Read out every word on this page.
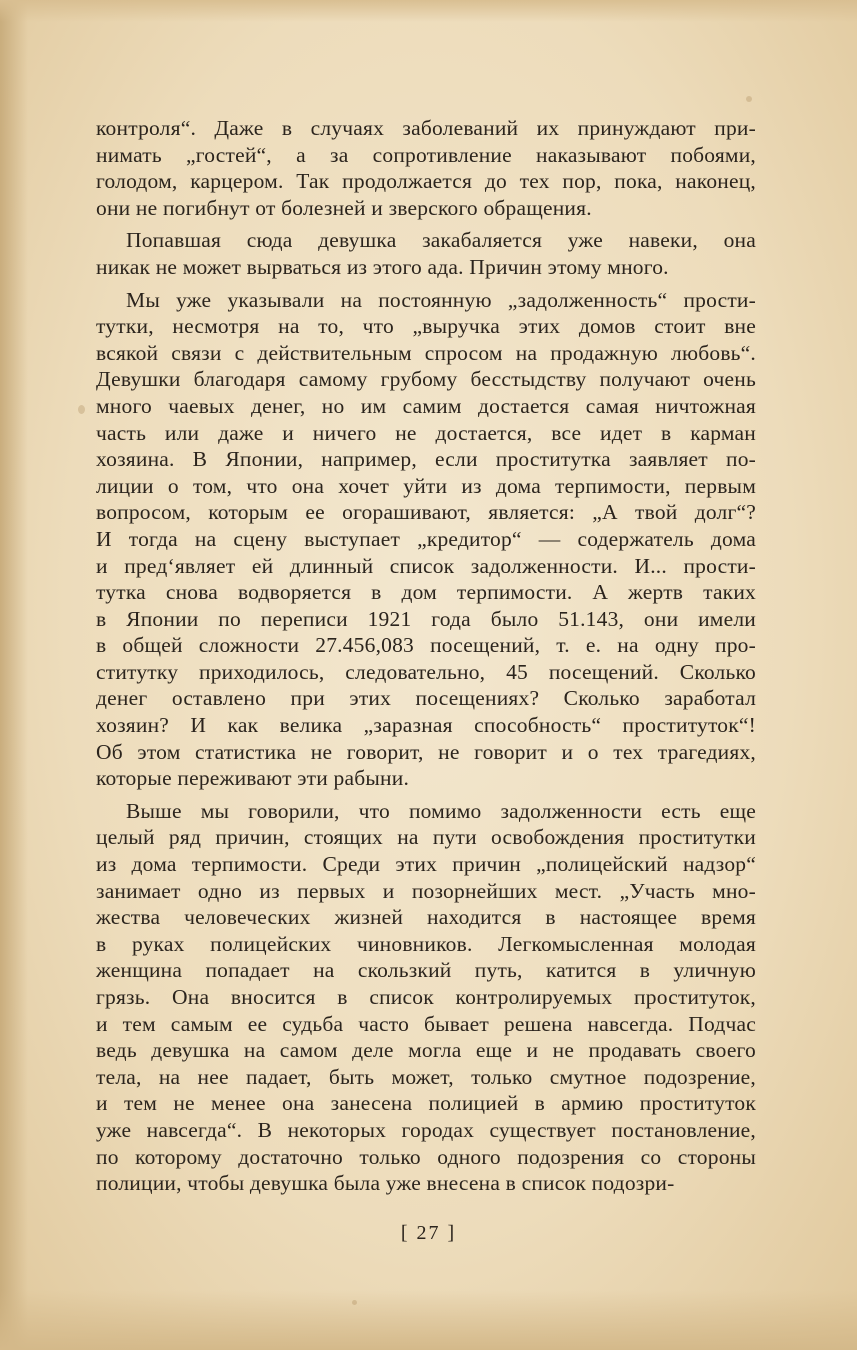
контроля“. Даже в случаях заболеваний их принуждают при-
нимать „гостей“, а за сопротивление наказывают побоями,
голодом, карцером. Так продолжается до тех пор, пока, наконец,
они не погибнут от болезней и зверского обращения.
Попавшая сюда девушка закабаляется уже навеки, она
никак не может вырваться из этого ада. Причин этому много.
Мы уже указывали на постоянную „задолженность“ прости-
тутки, несмотря на то, что „выручка этих домов стоит вне
всякой связи с действительным спросом на продажную любовь“.
Девушки благодаря самому грубому бесстыдству получают очень
много чаевых денег, но им самим достается самая ничтожная
часть или даже и ничего не достается, все идет в карман
хозяина. В Японии, например, если проститутка заявляет по-
лиции о том, что она хочет уйти из дома терпимости, первым
вопросом, которым ее огорашивают, является: „А твой долг“?
И тогда на сцену выступает „кредитор“ — содержатель дома
и пред‘являет ей длинный список задолженности. И... прости-
тутка снова водворяется в дом терпимости. А жертв таких
в Японии по переписи 1921 года было 51.143, они имели
в общей сложности 27.456,083 посещений, т. е. на одну про-
ститутку приходилось, следовательно, 45 посещений. Сколько
денег оставлено при этих посещениях? Сколько заработал
хозяин? И как велика „заразная способность“ проституток“!
Об этом статистика не говорит, не говорит и о тех трагедиях,
которые переживают эти рабыни.
Выше мы говорили, что помимо задолженности есть еще
целый ряд причин, стоящих на пути освобождения проститутки
из дома терпимости. Среди этих причин „полицейский надзор“
занимает одно из первых и позорнейших мест. „Участь мно-
жества человеческих жизней находится в настоящее время
в руках полицейских чиновников. Легкомысленная молодая
женщина попадает на скользкий путь, катится в уличную
грязь. Она вносится в список контролируемых проституток,
и тем самым ее судьба часто бывает решена навсегда. Подчас
ведь девушка на самом деле могла еще и не продавать своего
тела, на нее падает, быть может, только смутное подозрение,
и тем не менее она занесена полицией в армию проституток
уже навсегда“. В некоторых городах существует постановление,
по которому достаточно только одного подозрения со стороны
полиции, чтобы девушка была уже внесена в список подозри-
[ 27 ]
